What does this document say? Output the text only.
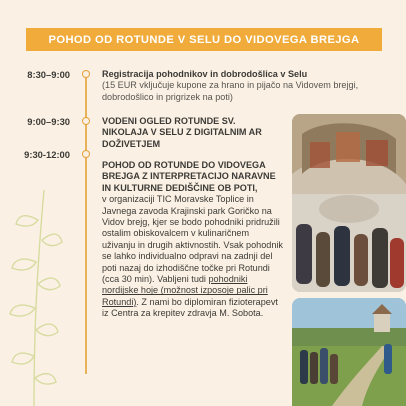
POHOD OD ROTUNDE V SELU DO VIDOVEGA BREJGA
8:30–9:00	Registracija pohodnikov in dobrodošlica v Selu
(15 EUR vključuje kupone za hrano in pijačo na Vidovem brejgi, dobrodošlico in prigrizek na poti)
9:00–9:30	VODENI OGLED ROTUNDE SV. NIKOLAJA V SELU Z DIGITALNIM AR DOŽIVETJEM
9:30-12:00
POHOD OD ROTUNDE DO VIDOVEGA BREJGA Z INTERPRETACIJO NARAVNE IN KULTURNE DEDIŠČINE OB POTI,
v organizaciji TIC Moravske Toplice in Javnega zavoda Krajinski park Goričko na Vidov brejg, kjer se bodo pohodniki pridružili ostalim obiskovalcem v kulinaričnem uživanju in drugih aktivnostih. Vsak pohodnik se lahko individualno odpravi na zadnji del poti nazaj do izhodiščne točke pri Rotundi (cca 30 min). Vabljeni tudi pohodniki nordijske hoje (možnost izposoje palic pri Rotundi). Z nami bo diplomiran fizioterapevt iz Centra za krepitev zdravja M. Sobota.
